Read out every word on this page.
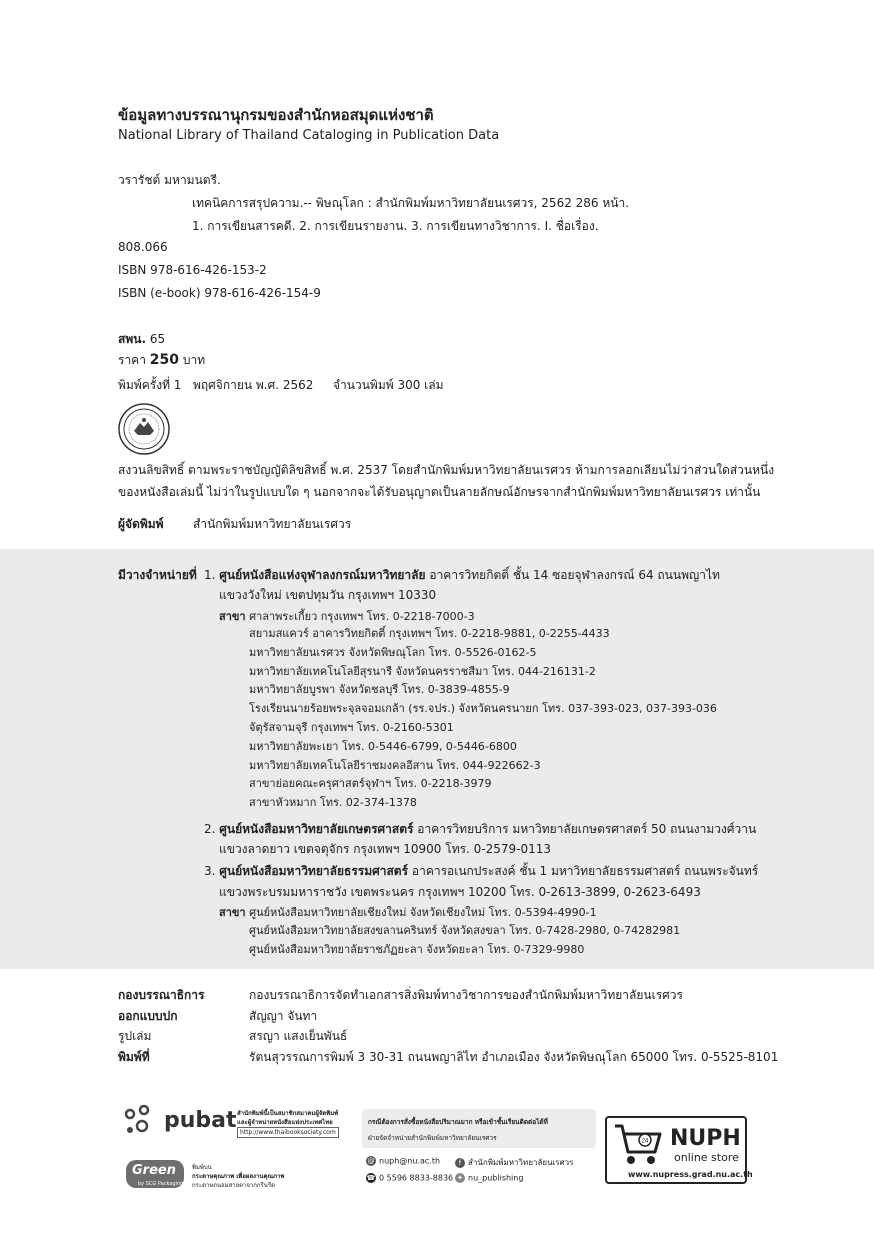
ข้อมูลทางบรรณานุกรมของสำนักหอสมุดแห่งชาติ
National Library of Thailand Cataloging in Publication Data
วรารัชต์ มหามนตรี.
เทคนิคการสรุปความ.-- พิษณุโลก : สำนักพิมพ์มหาวิทยาลัยนเรศวร, 2562 286 หน้า.
1. การเขียนสารคดี. 2. การเขียนรายงาน. 3. การเขียนทางวิชาการ. I. ชื่อเรื่อง.
808.066
ISBN 978-616-426-153-2
ISBN (e-book) 978-616-426-154-9
สพน. 65
ราคา 250 บาท
พิมพ์ครั้งที่ 1 พฤศจิกายน พ.ศ. 2562 จำนวนพิมพ์ 300 เล่ม
สงวนลิขสิทธิ์ ตามพระราชบัญญัติลิขสิทธิ์ พ.ศ. 2537 โดยสำนักพิมพ์มหาวิทยาลัยนเรศวร ห้ามการลอกเลียนไม่ว่าส่วนใดส่วนหนึ่ง
ของหนังสือเล่มนี้ ไม่ว่าในรูปแบบใด ๆ นอกจากจะได้รับอนุญาตเป็นลายลักษณ์อักษรจากสำนักพิมพ์มหาวิทยาลัยนเรศวร เท่านั้น
ผู้จัดพิมพ์ สำนักพิมพ์มหาวิทยาลัยนเรศวร
มีวางจำหน่ายที่ 1. ศูนย์หนังสือแห่งจุฬาลงกรณ์มหาวิทยาลัย อาคารวิทยกิตติ์ ชั้น 14 ซอยจุฬาลงกรณ์ 64 ถนนพญาไท
แขวงวังใหม่ เขตปทุมวัน กรุงเทพฯ 10330
สาขา ศาลาพระเกี้ยว กรุงเทพฯ โทร. 0-2218-7000-3
สยามสแควร์ อาคารวิทยกิตติ์ กรุงเทพฯ โทร. 0-2218-9881, 0-2255-4433
มหาวิทยาลัยนเรศวร จังหวัดพิษณุโลก โทร. 0-5526-0162-5
มหาวิทยาลัยเทคโนโลยีสุรนารี จังหวัดนครราชสีมา โทร. 044-216131-2
มหาวิทยาลัยบูรพา จังหวัดชลบุรี โทร. 0-3839-4855-9
โรงเรียนนายร้อยพระจุลจอมเกล้า (รร.จปร.) จังหวัดนครนายก โทร. 037-393-023, 037-393-036
จัตุรัสจามจุรี กรุงเทพฯ โทร. 0-2160-5301
มหาวิทยาลัยพะเยา โทร. 0-5446-6799, 0-5446-6800
มหาวิทยาลัยเทคโนโลยีราชมงคลอีสาน โทร. 044-922662-3
สาขาย่อยคณะครุศาสตร์จุฬาฯ โทร. 0-2218-3979
สาขาหัวหมาก โทร. 02-374-1378
2. ศูนย์หนังสือมหาวิทยาลัยเกษตรศาสตร์ อาคารวิทยบริการ มหาวิทยาลัยเกษตรศาสตร์ 50 ถนนงามวงศ์วาน
แขวงลาดยาว เขตจตุจักร กรุงเทพฯ 10900 โทร. 0-2579-0113
3. ศูนย์หนังสือมหาวิทยาลัยธรรมศาสตร์ อาคารอเนกประสงค์ ชั้น 1 มหาวิทยาลัยธรรมศาสตร์ ถนนพระจันทร์
แขวงพระบรมมหาราชวัง เขตพระนคร กรุงเทพฯ 10200 โทร. 0-2613-3899, 0-2623-6493
สาขา ศูนย์หนังสือมหาวิทยาลัยเชียงใหม่ จังหวัดเชียงใหม่ โทร. 0-5394-4990-1
ศูนย์หนังสือมหาวิทยาลัยสงขลานครินทร์ จังหวัดสงขลา โทร. 0-7428-2980, 0-74282981
ศูนย์หนังสือมหาวิทยาลัยราชภัฏยะลา จังหวัดยะลา โทร. 0-7329-9980
กองบรรณาธิการ
ออกแบบปก
รูปเล่ม
พิมพ์ที่
กองบรรณาธิการจัดทำเอกสารสิ่งพิมพ์ทางวิชาการของสำนักพิมพ์มหาวิทยาลัยนเรศวร
สัญญา จันทา
สรญา แสงเย็นพันธ์
รัตนสุวรรณการพิมพ์ 3 30-31 ถนนพญาลิไท อำเภอเมือง จังหวัดพิษณุโลก 65000 โทร. 0-5525-8101
pubat สำนักพิมพ์นี้เป็นสมาชิกสมาคมผู้จัดพิมพ์
และผู้จำหน่ายหนังสือแห่งประเทศไทย
http://www.thaibooksociety.com
Green
by SCG Packaging
พิมพ์บน
กระดาษคุณภาพ เพื่อผลงานคุณภาพ
กระดาษถนอมสายตาจากกรีนรีด
กรณีต้องการสั่งซื้อหนังสือปริมาณมาก หรือเข้าชั้นเรียนติดต่อได้ที่
ฝ่ายจัดจำหน่ายสำนักพิมพ์มหาวิทยาลัยนเรศวร
@ nuph@nu.ac.th	f สำนักพิมพ์มหาวิทยาลัยนเรศวร
☎ 0 5596 8833-8836 ✦ nu_publishing
24 NUPH
online store
www.nupress.grad.nu.ac.th
